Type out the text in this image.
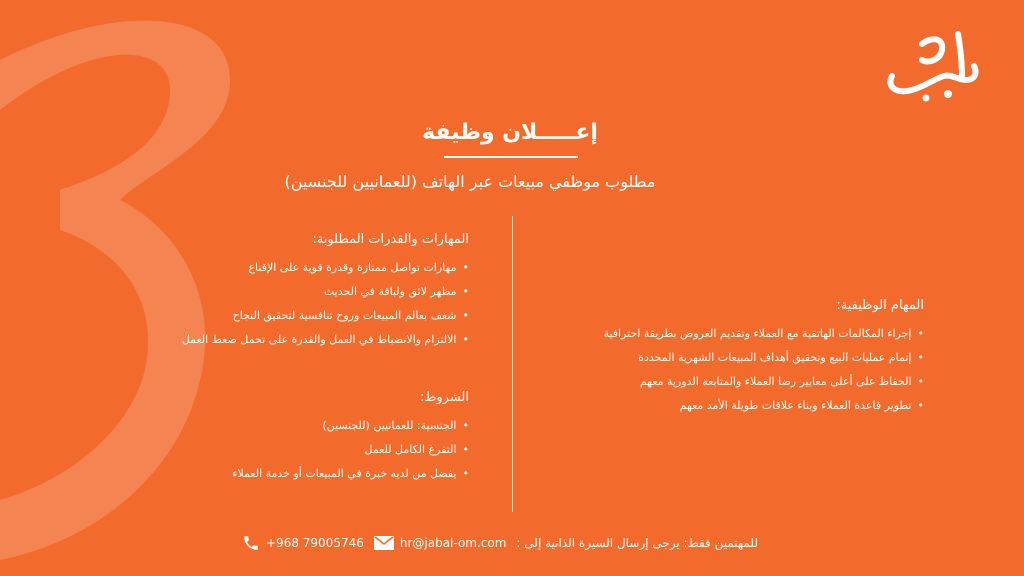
إعـــــلان وظيفة
مطلوب موظفي مبيعات عبر الهاتف (للعمانيين للجنسين)
المهارات والقدرات المطلوبة:
• مهارات تواصل ممتازة وقدرة قوية على الإقناع
• مظهر لائق ولباقة في الحديث
• شغف بعالم المبيعات وروح تنافسية لتحقيق النجاح
• الالتزام والانضباط في العمل والقدرة على تحمل ضغط العمل
الشروط:
• الجنسية: للعمانيين (للجنسين)
• التفرغ الكامل للعمل
• يفضل من لديه خبرة في المبيعات أو خدمة العملاء
المهام الوظيفية:
• إجراء المكالمات الهاتفية مع العملاء وتقديم العروض بطريقة احترافية
• إتمام عمليات البيع وتحقيق أهداف المبيعات الشهرية المحددة
• الحفاظ على أعلى معايير رضا العملاء والمتابعة الدورية معهم
• تطوير قاعدة العملاء وبناء علاقات طويلة الأمد معهم
+968 79005746	hr@jabal-om.com للمهتمين فقط: يرجى إرسال السيرة الذاتية إلى :
